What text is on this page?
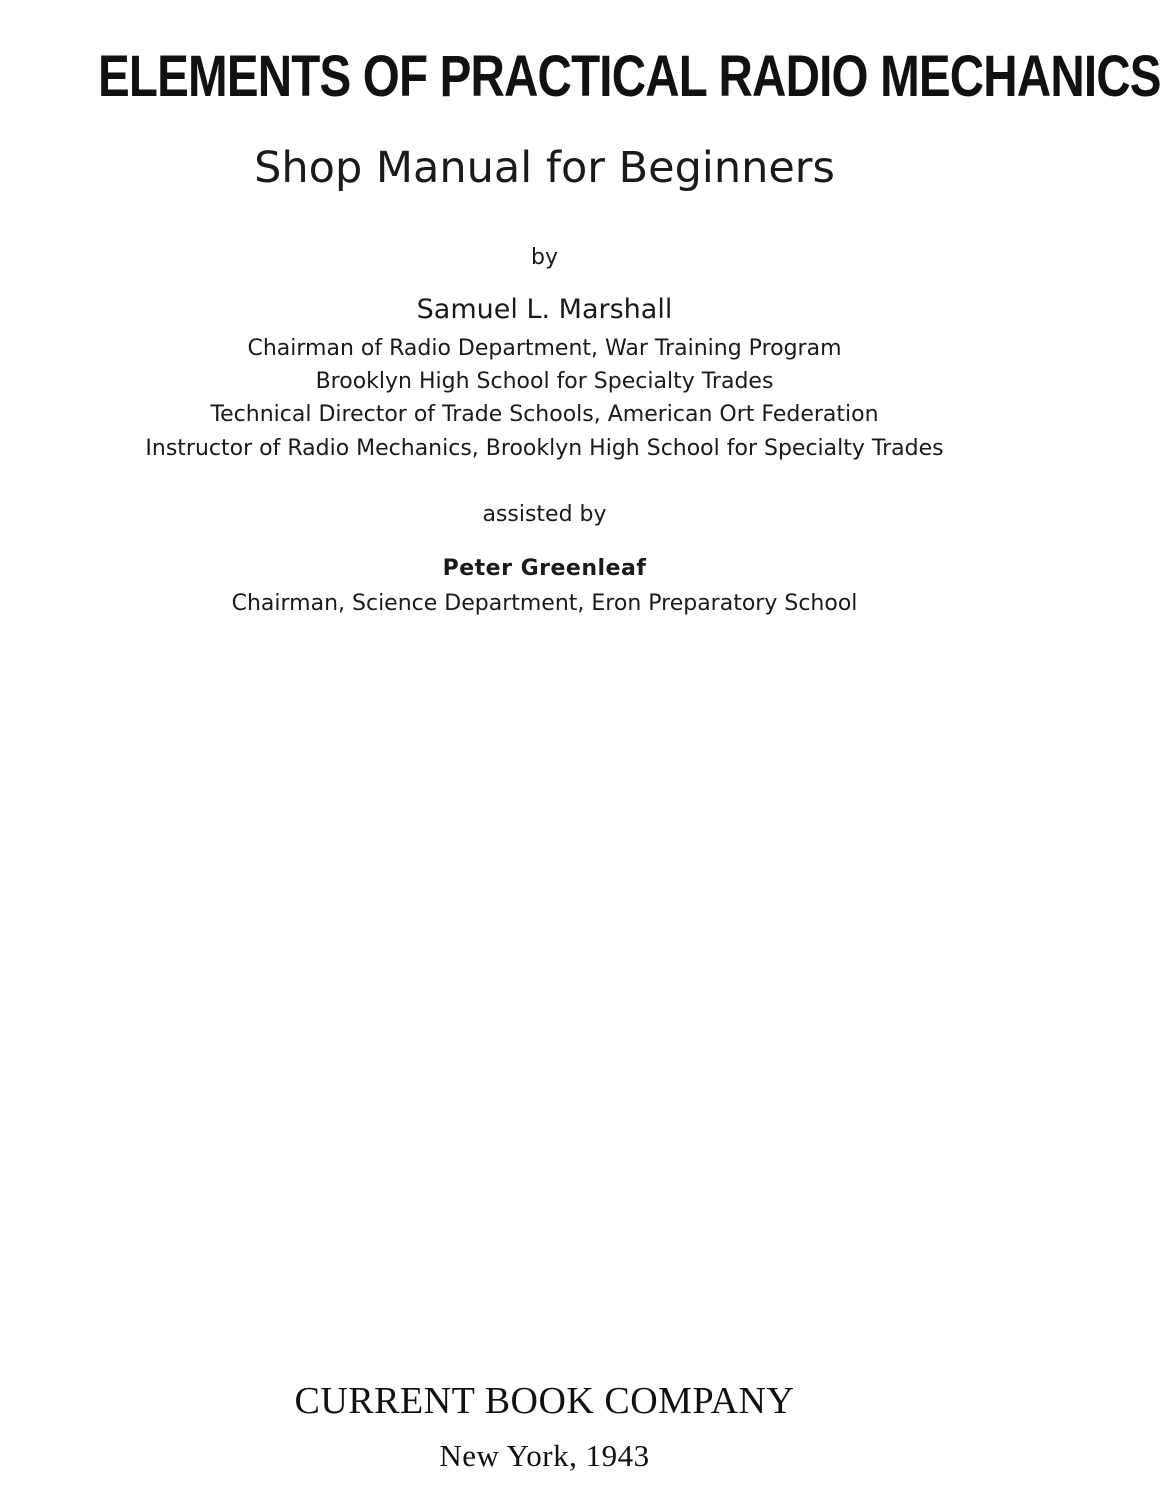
ELEMENTS OF PRACTICAL RADIO MECHANICS
Shop Manual for Beginners
by
Samuel L. Marshall
Chairman of Radio Department, War Training Program
Brooklyn High School for Specialty Trades
Technical Director of Trade Schools, American Ort Federation
Instructor of Radio Mechanics, Brooklyn High School for Specialty Trades
assisted by
Peter Greenleaf
Chairman, Science Department, Eron Preparatory School
CURRENT BOOK COMPANY
New York, 1943
